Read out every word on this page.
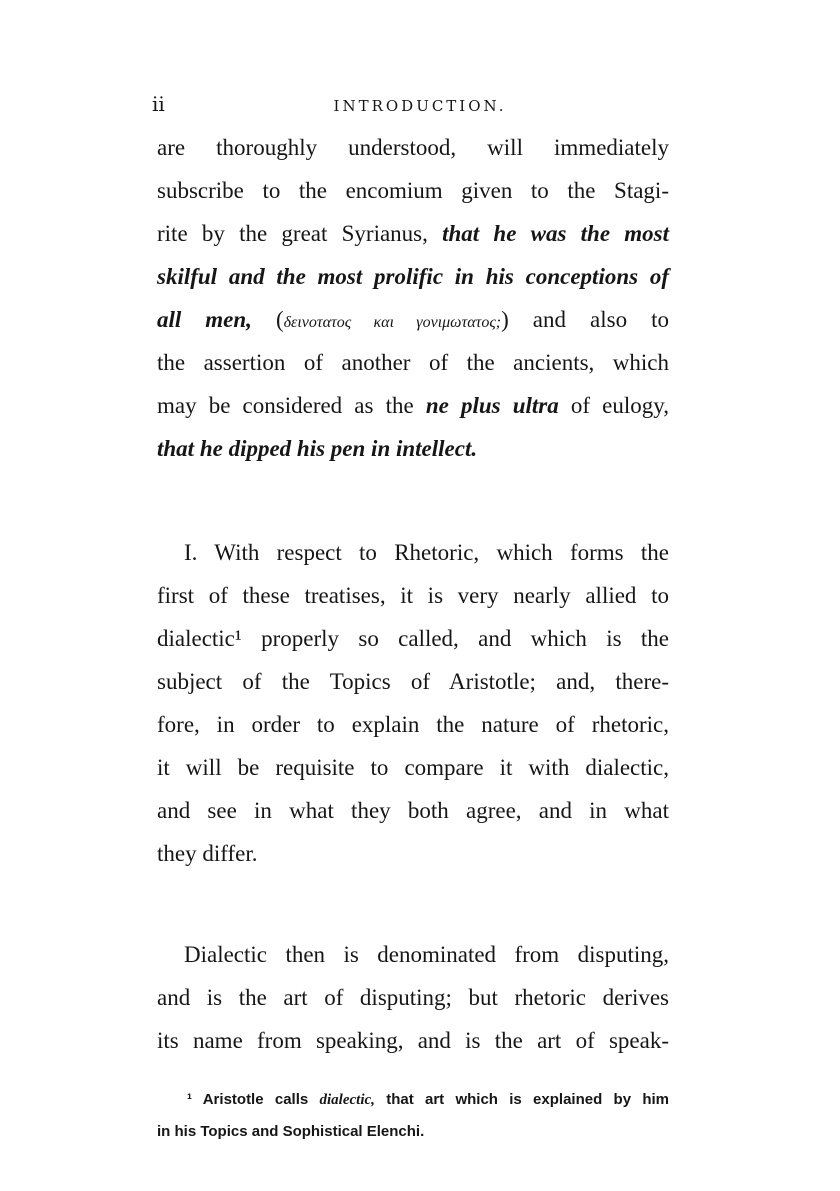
ii	INTRODUCTION.
are thoroughly understood, will immediately
subscribe to the encomium given to the Stagi-
rite by the great Syrianus, that he was the most
skilful and the most prolific in his conceptions of
all men, (δεινοτατος και γονιμωτατος;) and also to
the assertion of another of the ancients, which
may be considered as the ne plus ultra of eulogy,
that he dipped his pen in intellect.
I. With respect to Rhetoric, which forms the
first of these treatises, it is very nearly allied to
dialectic¹ properly so called, and which is the
subject of the Topics of Aristotle; and, there-
fore, in order to explain the nature of rhetoric,
it will be requisite to compare it with dialectic,
and see in what they both agree, and in what
they differ.
Dialectic then is denominated from disputing,
and is the art of disputing; but rhetoric derives
its name from speaking, and is the art of speak-
¹ Aristotle calls dialectic, that art which is explained by him
in his Topics and Sophistical Elenchi.
